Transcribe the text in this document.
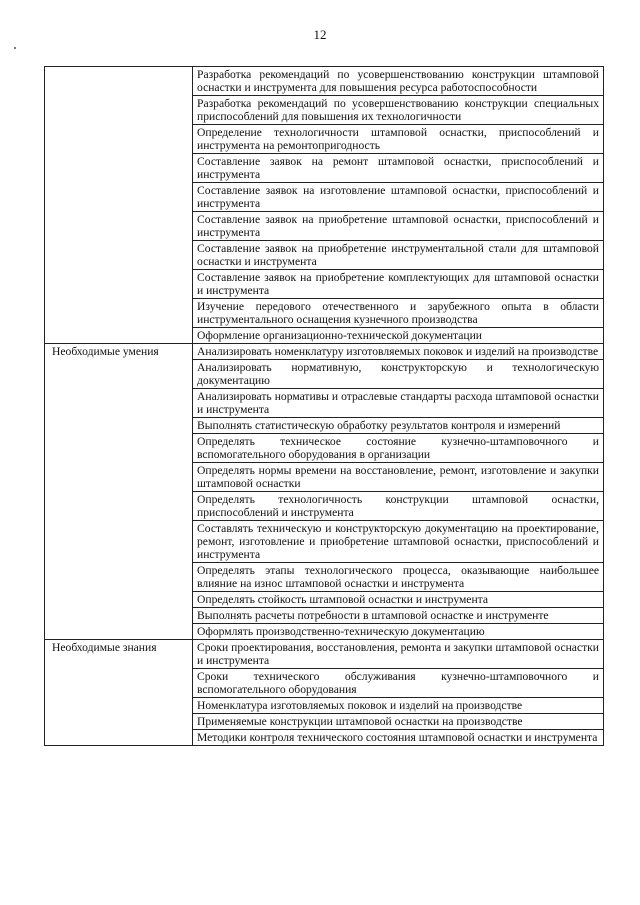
12
	Разработка рекомендаций по усовершенствованию конструкции штамповой оснастки и инструмента для повышения ресурса работоспособности
	Разработка рекомендаций по усовершенствованию конструкции специальных приспособлений для повышения их технологичности
	Определение технологичности штамповой оснастки, приспособлений и инструмента на ремонтопригодность
	Составление заявок на ремонт штамповой оснастки, приспособлений и инструмента
	Составление заявок на изготовление штамповой оснастки, приспособлений и инструмента
	Составление заявок на приобретение штамповой оснастки, приспособлений и инструмента
	Составление заявок на приобретение инструментальной стали для штамповой оснастки и инструмента
	Составление заявок на приобретение комплектующих для штамповой оснастки и инструмента
	Изучение передового отечественного и зарубежного опыта в области инструментального оснащения кузнечного производства
	Оформление организационно-технической документации
Необходимые умения	Анализировать номенклатуру изготовляемых поковок и изделий на производстве
	Анализировать нормативную, конструкторскую и технологическую документацию
	Анализировать нормативы и отраслевые стандарты расхода штамповой оснастки и инструмента
	Выполнять статистическую обработку результатов контроля и измерений
	Определять техническое состояние кузнечно-штамповочного и вспомогательного оборудования в организации
	Определять нормы времени на восстановление, ремонт, изготовление и закупки штамповой оснастки
	Определять технологичность конструкции штамповой оснастки, приспособлений и инструмента
	Составлять техническую и конструкторскую документацию на проектирование, ремонт, изготовление и приобретение штамповой оснастки, приспособлений и инструмента
	Определять этапы технологического процесса, оказывающие наибольшее влияние на износ штамповой оснастки и инструмента
	Определять стойкость штамповой оснастки и инструмента
	Выполнять расчеты потребности в штамповой оснастке и инструменте
	Оформлять производственно-техническую документацию
Необходимые знания	Сроки проектирования, восстановления, ремонта и закупки штамповой оснастки и инструмента
	Сроки технического обслуживания кузнечно-штамповочного и вспомогательного оборудования
	Номенклатура изготовляемых поковок и изделий на производстве
	Применяемые конструкции штамповой оснастки на производстве
	Методики контроля технического состояния штамповой оснастки и инструмента
